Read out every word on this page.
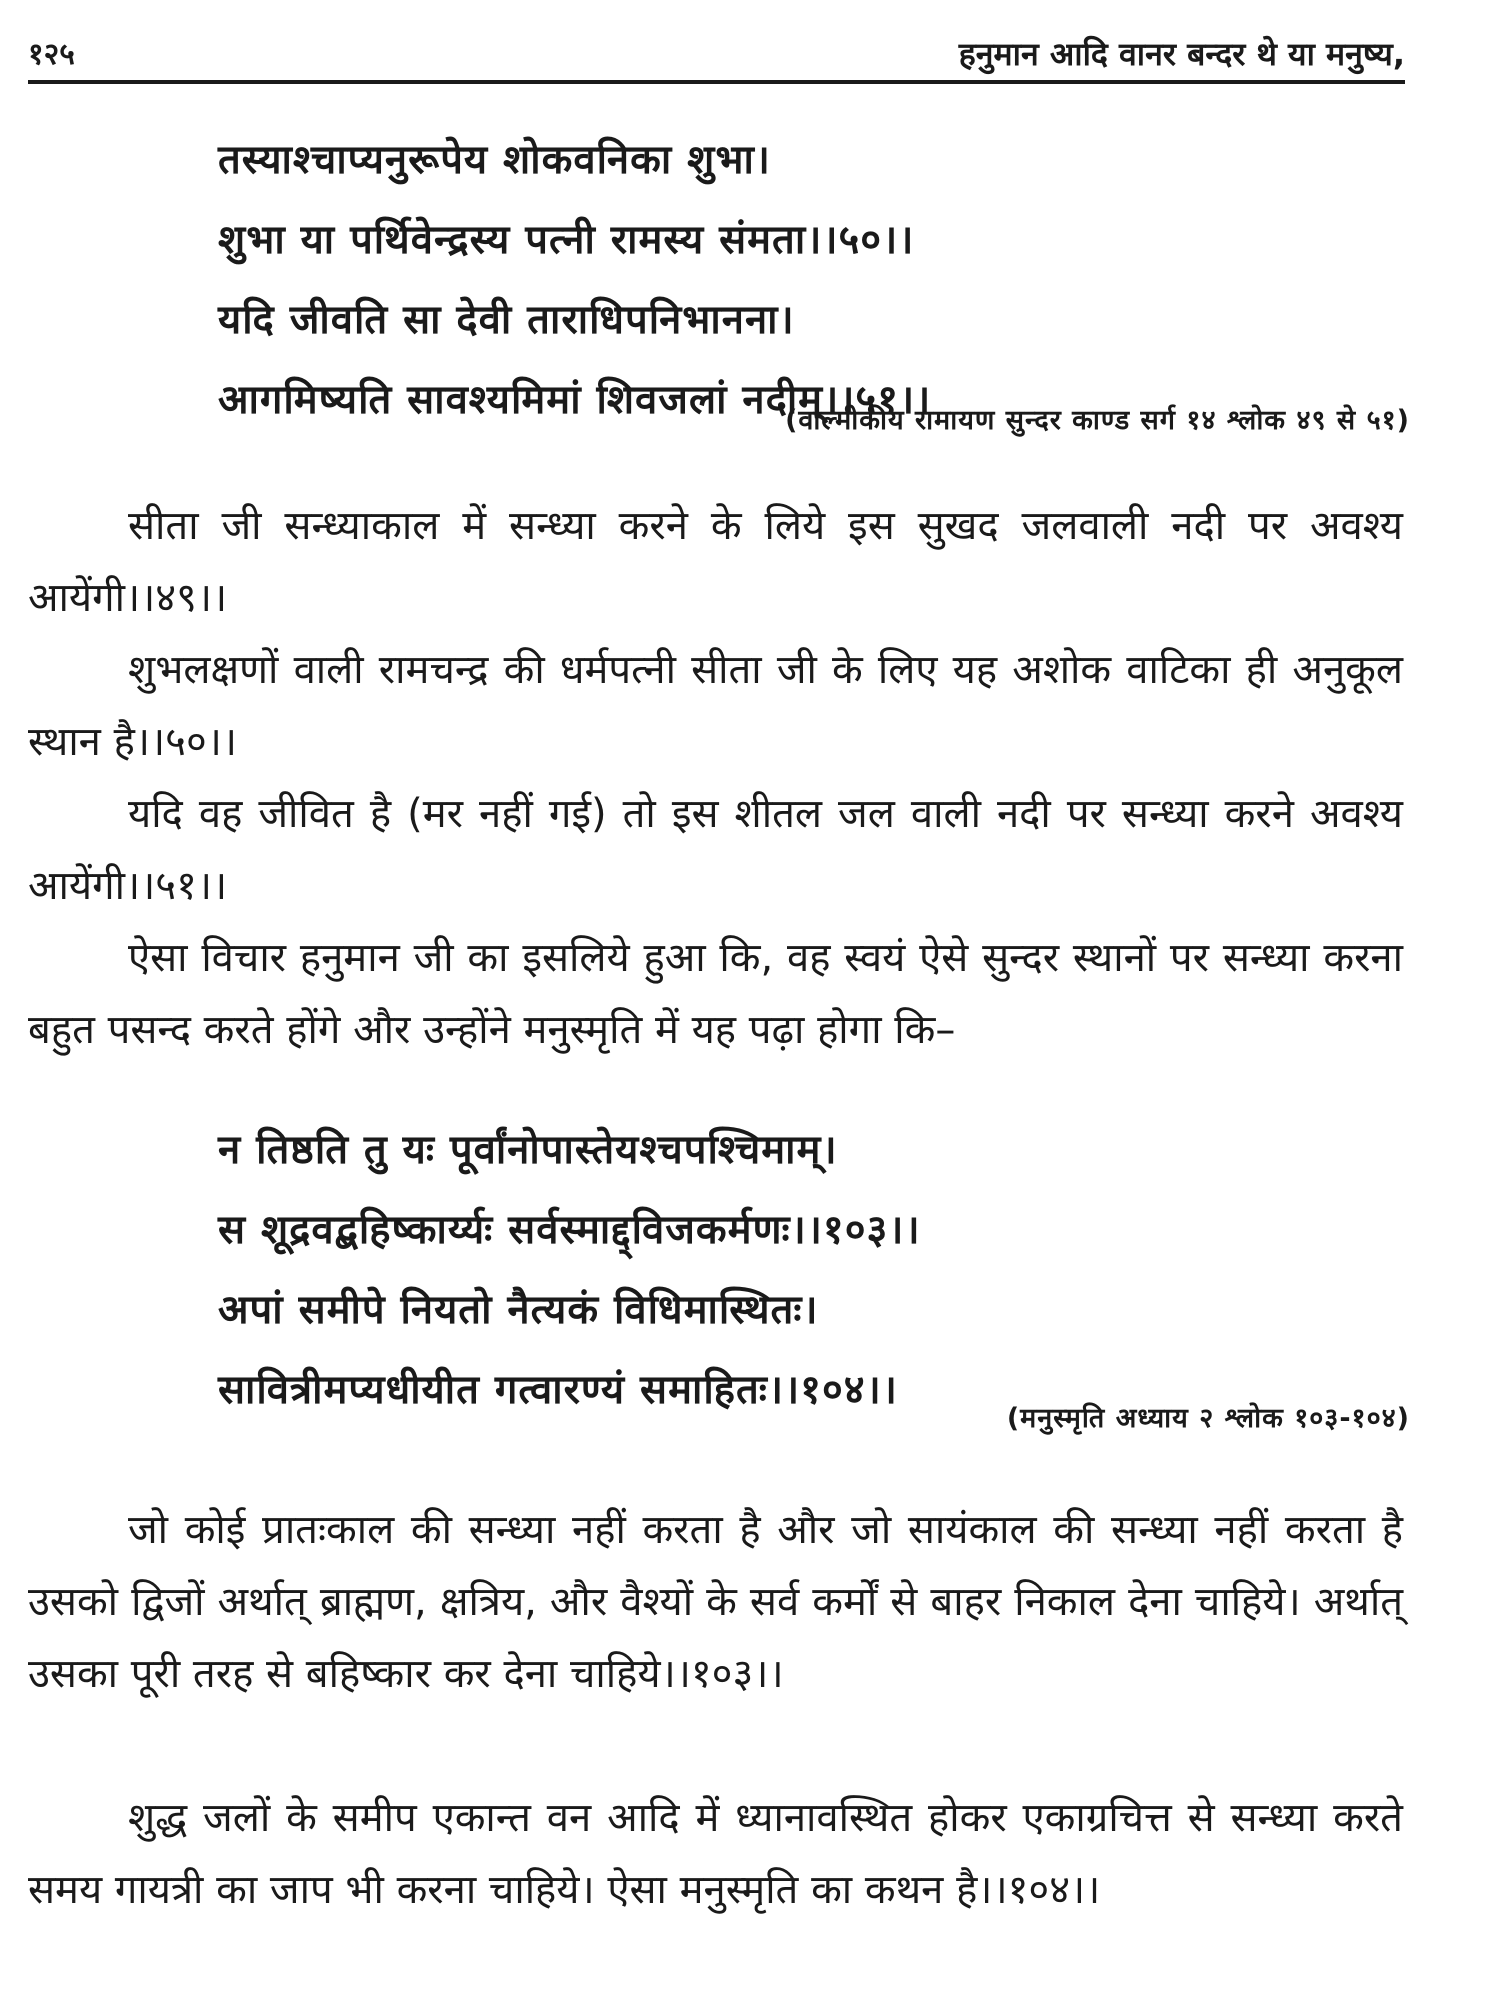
१२५	हनुमान आदि वानर बन्दर थे या मनुष्य,
तस्याश्चाप्यनुरूपेय शोकवनिका शुभा।
शुभा या पर्थिवेन्द्रस्य पत्नी रामस्य संमता।।५०।।
यदि जीवति सा देवी ताराधिपनिभानना।
आगमिष्यति सावश्यमिमां शिवजलां नदीम्।।५१।।
(वाल्मीकीय रामायण सुन्दर काण्ड सर्ग १४ श्लोक ४९ से ५१)

सीता जी सन्ध्याकाल में सन्ध्या करने के लिये इस सुखद जलवाली नदी पर अवश्य आयेंगी।।४९।।

शुभलक्षणों वाली रामचन्द्र की धर्मपत्नी सीता जी के लिए यह अशोक वाटिका ही अनुकूल स्थान है।।५०।।

यदि वह जीवित है (मर नहीं गई) तो इस शीतल जल वाली नदी पर सन्ध्या करने अवश्य आयेंगी।।५१।।

ऐसा विचार हनुमान जी का इसलिये हुआ कि, वह स्वयं ऐसे सुन्दर स्थानों पर सन्ध्या करना बहुत पसन्द करते होंगे और उन्होंने मनुस्मृति में यह पढ़ा होगा कि–

न तिष्ठति तु यः पूर्वांनोपास्तेयश्चपश्चिमाम्।
स शूद्रवद्बहिष्कार्य्यः सर्वस्माद्द्विजकर्मणः।।१०३।।
अपां समीपे नियतो नैत्यकं विधिमास्थितः।
सावित्रीमप्यधीयीत गत्वारण्यं समाहितः।।१०४।।
(मनुस्मृति अध्याय २ श्लोक १०३-१०४)

जो कोई प्रातःकाल की सन्ध्या नहीं करता है और जो सायंकाल की सन्ध्या नहीं करता है उसको द्विजों अर्थात् ब्राह्मण, क्षत्रिय, और वैश्यों के सर्व कर्मों से बाहर निकाल देना चाहिये। अर्थात् उसका पूरी तरह से बहिष्कार कर देना चाहिये।।१०३।।

शुद्ध जलों के समीप एकान्त वन आदि में ध्यानावस्थित होकर एकाग्रचित्त से सन्ध्या करते समय गायत्री का जाप भी करना चाहिये। ऐसा मनुस्मृति का कथन है।।१०४।।
